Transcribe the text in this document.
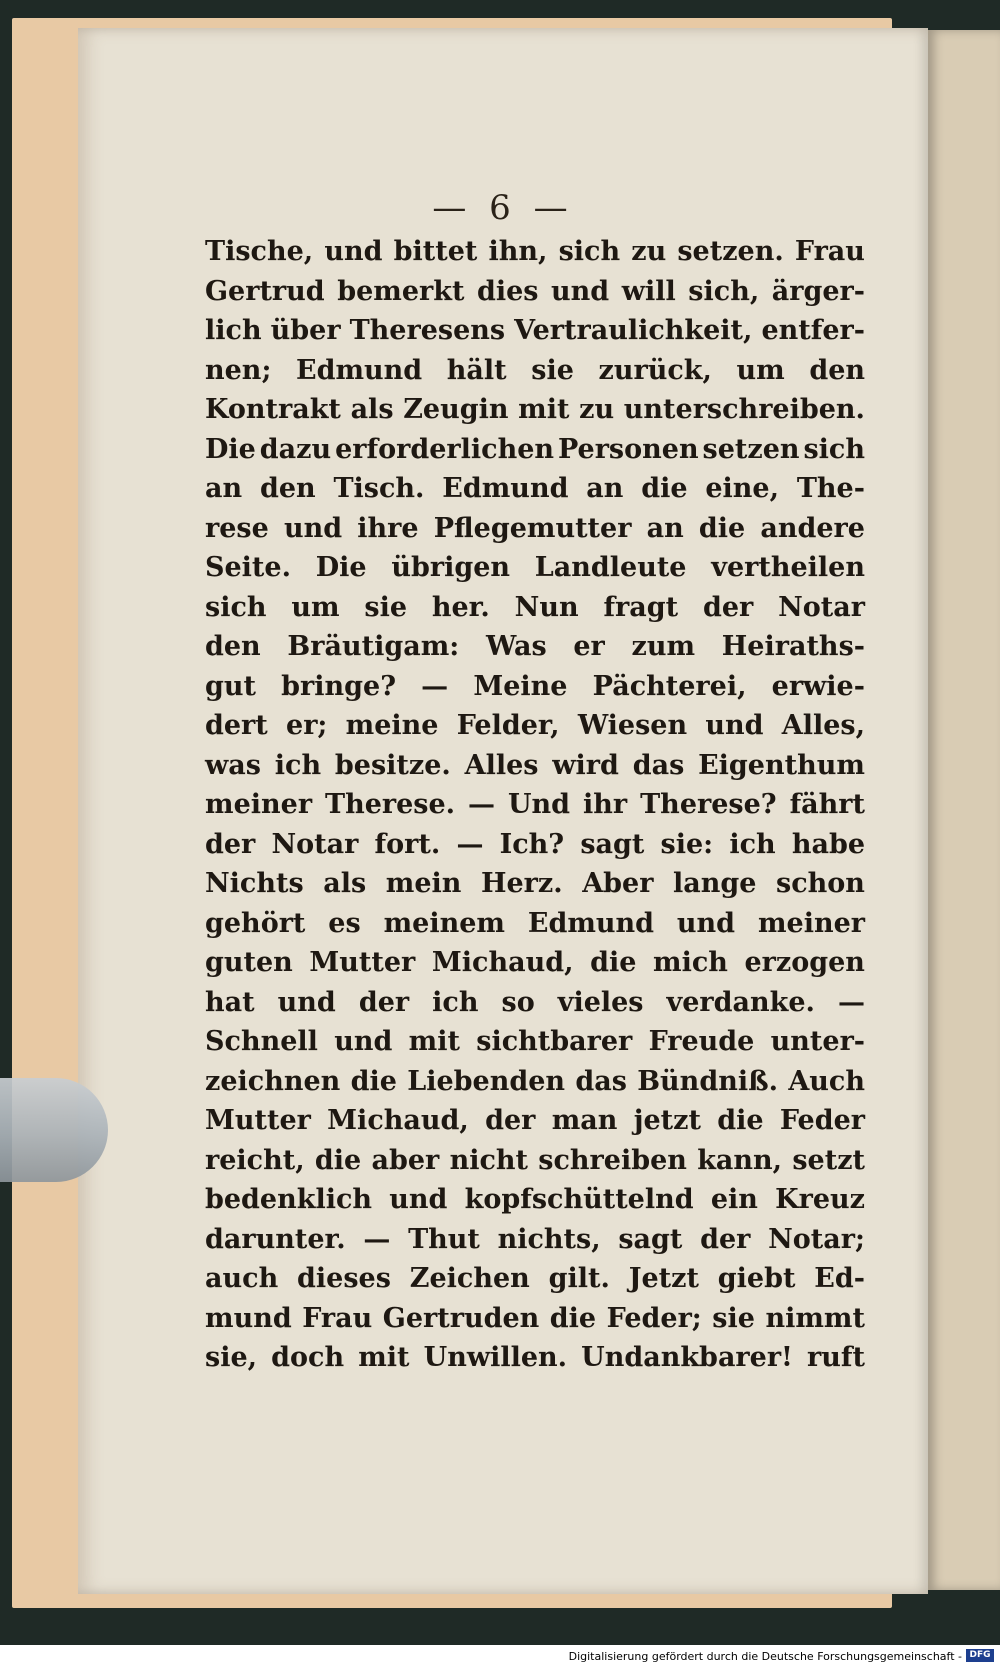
— 6 —
Tische, und bittet ihn, sich zu setzen. Frau
Gertrud bemerkt dies und will sich, ärger-
lich über Theresens Vertraulichkeit, entfer-
nen; Edmund hält sie zurück, um den
Kontrakt als Zeugin mit zu unterschreiben.
Die dazu erforderlichen Personen setzen sich
an den Tisch. Edmund an die eine, The-
rese und ihre Pflegemutter an die andere
Seite. Die übrigen Landleute vertheilen
sich um sie her. Nun fragt der Notar
den Bräutigam: Was er zum Heiraths-
gut bringe? — Meine Pächterei, erwie-
dert er; meine Felder, Wiesen und Alles,
was ich besitze. Alles wird das Eigenthum
meiner Therese. — Und ihr Therese? fährt
der Notar fort. — Ich? sagt sie: ich habe
Nichts als mein Herz. Aber lange schon
gehört es meinem Edmund und meiner
guten Mutter Michaud, die mich erzogen
hat und der ich so vieles verdanke. —
Schnell und mit sichtbarer Freude unter-
zeichnen die Liebenden das Bündniß. Auch
Mutter Michaud, der man jetzt die Feder
reicht, die aber nicht schreiben kann, setzt
bedenklich und kopfschüttelnd ein Kreuz
darunter. — Thut nichts, sagt der Notar;
auch dieses Zeichen gilt. Jetzt giebt Ed-
mund Frau Gertruden die Feder; sie nimmt
sie, doch mit Unwillen. Undankbarer! ruft
Digitalisierung gefördert durch die Deutsche Forschungsgemeinschaft - DFG
